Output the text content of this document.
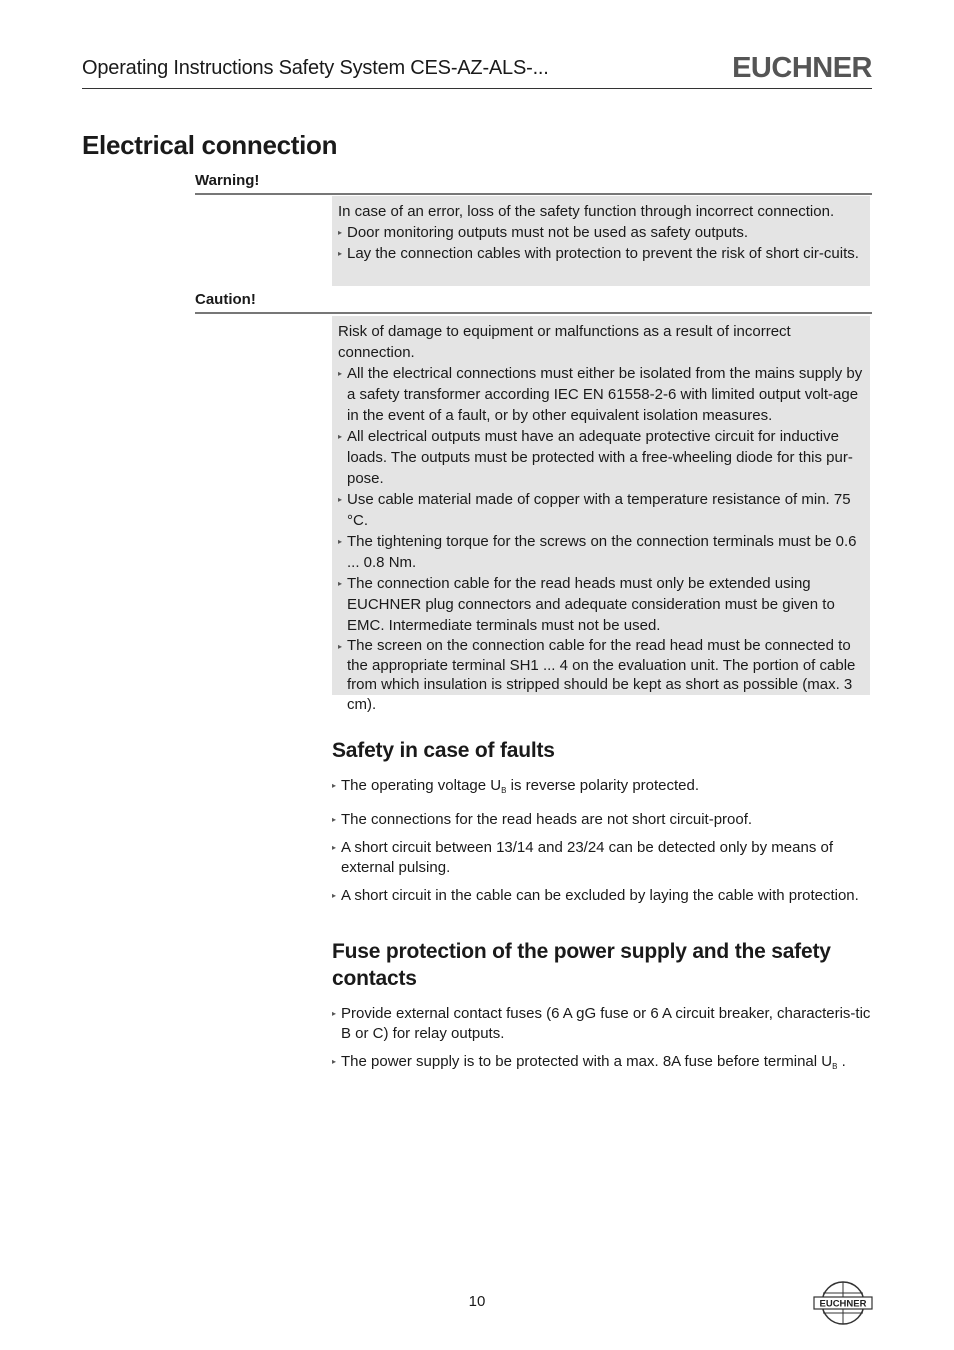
Operating Instructions Safety System CES-AZ-ALS-...	EUCHNER
Electrical connection
Warning!

In case of an error, loss of the safety function through incorrect connection.

▸ Door monitoring outputs must not be used as safety outputs.
▸ Lay the connection cables with protection to prevent the risk of short cir-cuits.
Caution!

Risk of damage to equipment or malfunctions as a result of incorrect connection.

▸ All the electrical connections must either be isolated from the mains supply by a safety transformer according IEC EN 61558-2-6 with limited output volt-age in the event of a fault, or by other equivalent isolation measures.
▸ All electrical outputs must have an adequate protective circuit for inductive loads. The outputs must be protected with a free-wheeling diode for this pur-pose.
▸ Use cable material made of copper with a temperature resistance of min. 75 °C.
▸ The tightening torque for the screws on the connection terminals must be 0.6 ... 0.8 Nm.
▸ The connection cable for the read heads must only be extended using EUCHNER plug connectors and adequate consideration must be given to EMC. Intermediate terminals must not be used.
▸ The screen on the connection cable for the read head must be connected to the appropriate terminal SH1 ... 4 on the evaluation unit. The portion of cable from which insulation is stripped should be kept as short as possible (max. 3 cm).
Safety in case of faults
▸ The operating voltage $U_B$ is reverse polarity protected.
▸ The connections for the read heads are not short circuit-proof.
▸ A short circuit between 13/14 and 23/24 can be detected only by means of external pulsing.
▸ A short circuit in the cable can be excluded by laying the cable with protection.
Fuse protection of the power supply and the safety contacts
▸ Provide external contact fuses (6 A gG fuse or 6 A circuit breaker, characteris-tic B or C) for relay outputs.
▸ The power supply is to be protected with a max. 8A fuse before terminal $U_B$ .
10	EUCHNER
